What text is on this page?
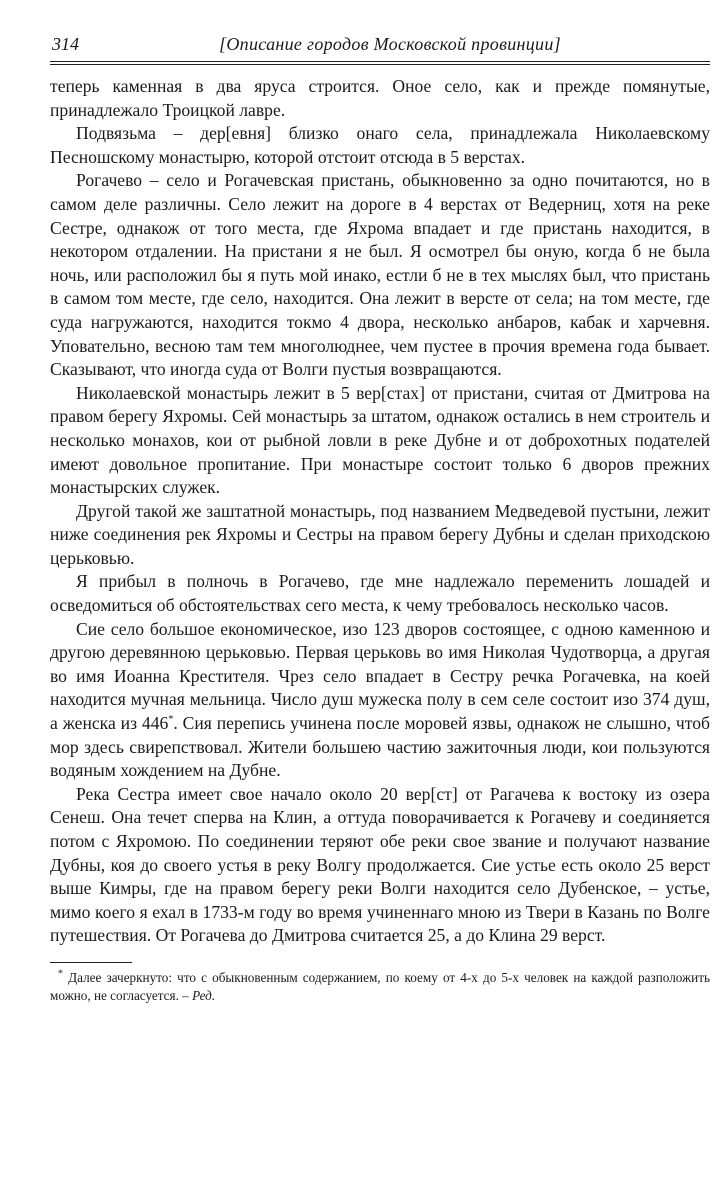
314	[Описание городов Московской провинции]

теперь каменная в два яруса строится. Оное село, как и прежде помянутые, принадлежало Троицкой лавре.

Подвязьма – дер[евня] близко онаго села, принадлежала Николаевскому Песношскому монастырю, которой отстоит отсюда в 5 верстах.

Рогачево – село и Рогачевская пристань, обыкновенно за одно почитаются, но в самом деле различны. Село лежит на дороге в 4 верстах от Ведерниц, хотя на реке Сестре, однакож от того места, где Яхрома впадает и где пристань находится, в некотором отдалении. На пристани я не был. Я осмотрел бы оную, когда б не была ночь, или расположил бы я путь мой инако, естли б не в тех мыслях был, что пристань в самом том месте, где село, находится. Она лежит в версте от села; на том месте, где суда нагружаются, находится токмо 4 двора, несколько анбаров, кабак и харчевня. Уповательно, весною там тем многолюднее, чем пустее в прочия времена года бывает. Сказывают, что иногда суда от Волги пустыя возвращаются.

Николаевской монастырь лежит в 5 вер[стах] от пристани, считая от Дмитрова на правом берегу Яхромы. Сей монастырь за штатом, однакож остались в нем строитель и несколько монахов, кои от рыбной ловли в реке Дубне и от доброхотных подателей имеют довольное пропитание. При монастыре состоит только 6 дворов прежних монастырских служек.

Другой такой же заштатной монастырь, под названием Медведевой пустыни, лежит ниже соединения рек Яхромы и Сестры на правом берегу Дубны и сделан приходскою церьковью.

Я прибыл в полночь в Рогачево, где мне надлежало переменить лошадей и осведомиться об обстоятельствах сего места, к чему требовалось несколько часов.

Сие село большое економическое, изо 123 дворов состоящее, с одною каменною и другою деревянною церьковью. Первая церьковь во имя Николая Чудотворца, а другая во имя Иоанна Крестителя. Чрез село впадает в Сестру речка Рогачевка, на коей находится мучная мельница. Число душ мужеска полу в сем селе состоит изо 374 душ, а женска из 446*. Сия перепись учинена после моровей язвы, однакож не слышно, чтоб мор здесь свирепствовал. Жители большею частию зажиточныя люди, кои пользуются водяным хождением на Дубне.

Река Сестра имеет свое начало около 20 вер[ст] от Рагачева к востоку из озера Сенеш. Она течет сперва на Клин, а оттуда поворачивается к Рогачеву и соединяется потом с Яхромою. По соединении теряют обе реки свое звание и получают название Дубны, коя до своего устья в реку Волгу продолжается. Сие устье есть около 25 верст выше Кимры, где на правом берегу реки Волги находится село Дубенское, – устье, мимо коего я ехал в 1733-м году во время учиненнаго мною из Твери в Казань по Волге путешествия. От Рогачева до Дмитрова считается 25, а до Клина 29 верст.

* Далее зачеркнуто: что с обыкновенным содержанием, по коему от 4-х до 5-х человек на каждой разположить можно, не согласуется. – Ред.
